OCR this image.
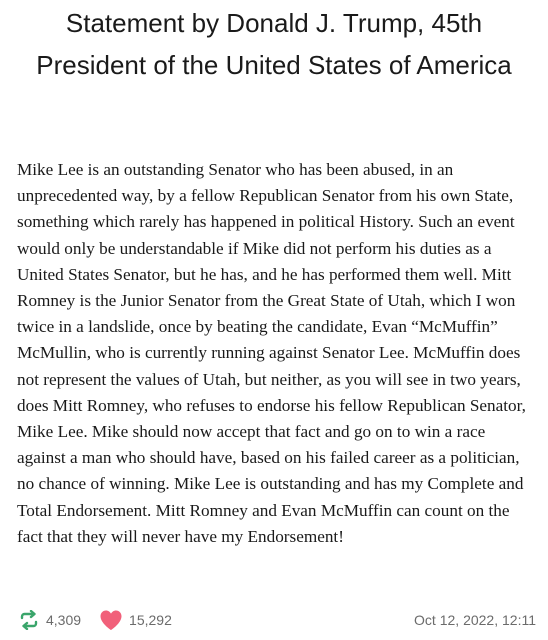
Statement by Donald J. Trump, 45th President of the United States of America

Mike Lee is an outstanding Senator who has been abused, in an unprecedented way, by a fellow Republican Senator from his own State, something which rarely has happened in political History. Such an event would only be understandable if Mike did not perform his duties as a United States Senator, but he has, and he has performed them well. Mitt Romney is the Junior Senator from the Great State of Utah, which I won twice in a landslide, once by beating the candidate, Evan “McMuffin” McMullin, who is currently running against Senator Lee. McMuffin does not represent the values of Utah, but neither, as you will see in two years, does Mitt Romney, who refuses to endorse his fellow Republican Senator, Mike Lee. Mike should now accept that fact and go on to win a race against a man who should have, based on his failed career as a politician, no chance of winning. Mike Lee is outstanding and has my Complete and Total Endorsement. Mitt Romney and Evan McMuffin can count on the fact that they will never have my Endorsement!

4,309	15,292	Oct 12, 2022, 12:11
